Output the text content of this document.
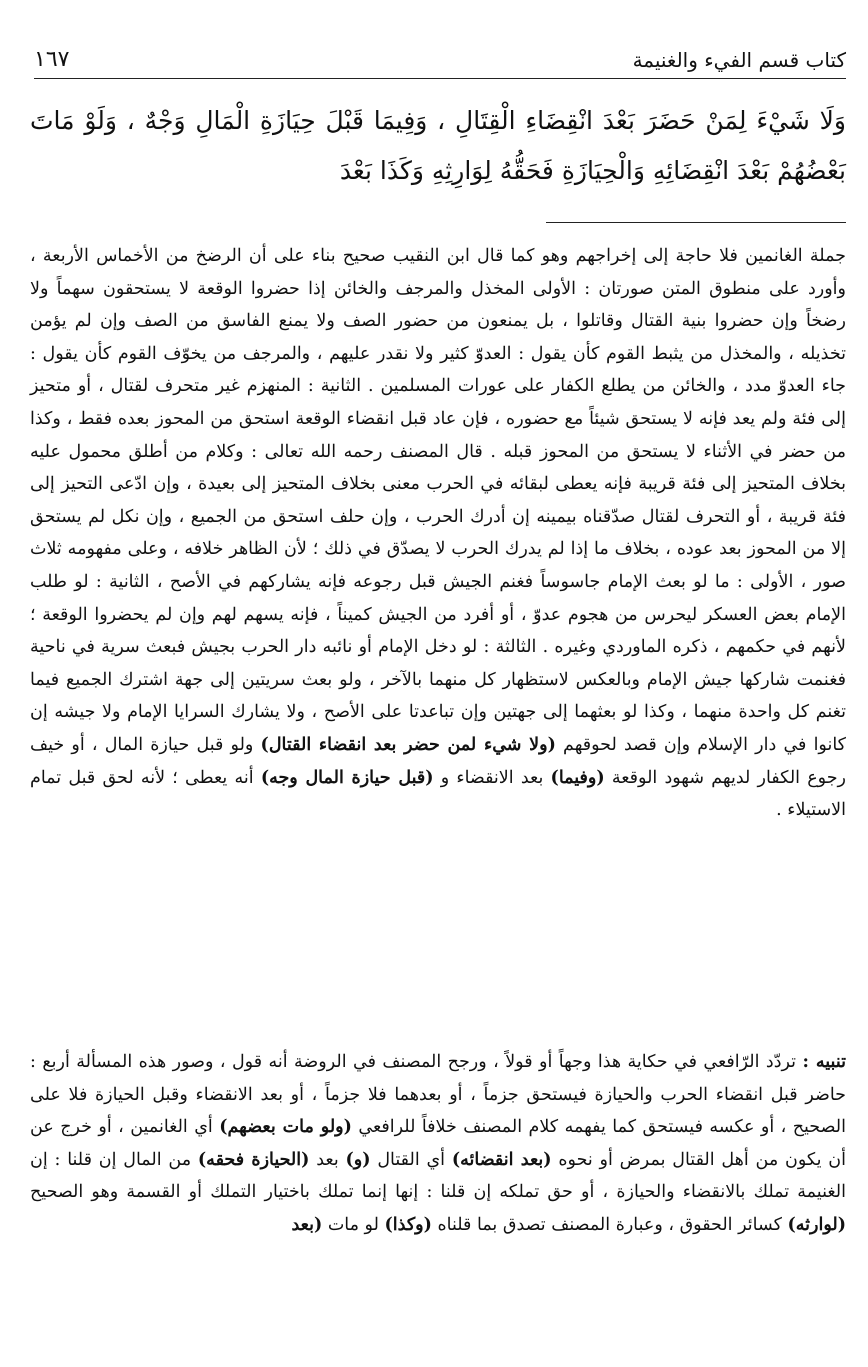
كتاب قسم الفيء والغنيمة
١٦٧

وَلَا شَيْءَ لِمَنْ حَضَرَ بَعْدَ انْقِضَاءِ الْقِتَالِ ، وَفِيمَا قَبْلَ حِيَازَةِ الْمَالِ وَجْهٌ ، وَلَوْ مَاتَ بَعْضُهُمْ بَعْدَ انْقِضَائِهِ وَالْحِيَازَةِ فَحَقُّهُ لِوَارِثِهِ وَكَذَا بَعْدَ

جملة الغانمين فلا حاجة إلى إخراجهم وهو كما قال ابن النقيب صحيح بناء على أن الرضخ من الأخماس الأربعة ، وأورد على منطوق المتن صورتان : الأولى المخذل والمرجف والخائن إذا حضروا الوقعة لا يستحقون سهماً ولا رضخاً وإن حضروا بنية القتال وقاتلوا ، بل يمنعون من حضور الصف ولا يمنع الفاسق من الصف وإن لم يؤمن تخذيله ، والمخذل من يثبط القوم كأن يقول : العدوّ كثير ولا نقدر عليهم ، والمرجف من يخوّف القوم كأن يقول : جاء العدوّ مدد ، والخائن من يطلع الكفار على عورات المسلمين . الثانية : المنهزم غير متحرف لقتال ، أو متحيز إلى فئة ولم يعد فإنه لا يستحق شيئاً مع حضوره ، فإن عاد قبل انقضاء الوقعة استحق من المحوز بعده فقط ، وكذا من حضر في الأثناء لا يستحق من المحوز قبله . قال المصنف رحمه الله تعالى : وكلام من أطلق محمول عليه بخلاف المتحيز إلى فئة قريبة فإنه يعطى لبقائه في الحرب معنى بخلاف المتحيز إلى بعيدة ، وإن ادّعى التحيز إلى فئة قريبة ، أو التحرف لقتال صدّقناه بيمينه إن أدرك الحرب ، وإن حلف استحق من الجميع ، وإن نكل لم يستحق إلا من المحوز بعد عوده ، بخلاف ما إذا لم يدرك الحرب لا يصدّق في ذلك ؛ لأن الظاهر خلافه ، وعلى مفهومه ثلاث صور ، الأولى : ما لو بعث الإمام جاسوساً فغنم الجيش قبل رجوعه فإنه يشاركهم في الأصح ، الثانية : لو طلب الإمام بعض العسكر ليحرس من هجوم عدوّ ، أو أفرد من الجيش كميناً ، فإنه يسهم لهم وإن لم يحضروا الوقعة ؛ لأنهم في حكمهم ، ذكره الماوردي وغيره . الثالثة : لو دخل الإمام أو نائبه دار الحرب بجيش فبعث سرية في ناحية فغنمت شاركها جيش الإمام وبالعكس لاستظهار كل منهما بالآخر ، ولو بعث سريتين إلى جهة اشترك الجميع فيما تغنم كل واحدة منهما ، وكذا لو بعثهما إلى جهتين وإن تباعدتا على الأصح ، ولا يشارك السرايا الإمام ولا جيشه إن كانوا في دار الإسلام وإن قصد لحوقهم (ولا شيء لمن حضر بعد انقضاء القتال) ولو قبل حيازة المال ، أو خيف رجوع الكفار لديهم شهود الوقعة (وفيما) بعد الانقضاء و (قبل حيازة المال وجه) أنه يعطى ؛ لأنه لحق قبل تمام الاستيلاء .

تنبيه : تردّد الرّافعي في حكاية هذا وجهاً أو قولاً ، ورجح المصنف في الروضة أنه قول ، وصور هذه المسألة أربع : حاضر قبل انقضاء الحرب والحيازة فيستحق جزماً ، أو بعدهما فلا جزماً ، أو بعد الانقضاء وقبل الحيازة فلا على الصحيح ، أو عكسه فيستحق كما يفهمه كلام المصنف خلافاً للرافعي (ولو مات بعضهم) أي الغانمين ، أو خرج عن أن يكون من أهل القتال بمرض أو نحوه (بعد انقضائه) أي القتال (و) بعد (الحيازة فحقه) من المال إن قلنا : إن الغنيمة تملك بالانقضاء والحيازة ، أو حق تملكه إن قلنا : إنها إنما تملك باختيار التملك أو القسمة وهو الصحيح (لوارثه) كسائر الحقوق ، وعبارة المصنف تصدق بما قلناه (وكذا) لو مات (بعد
